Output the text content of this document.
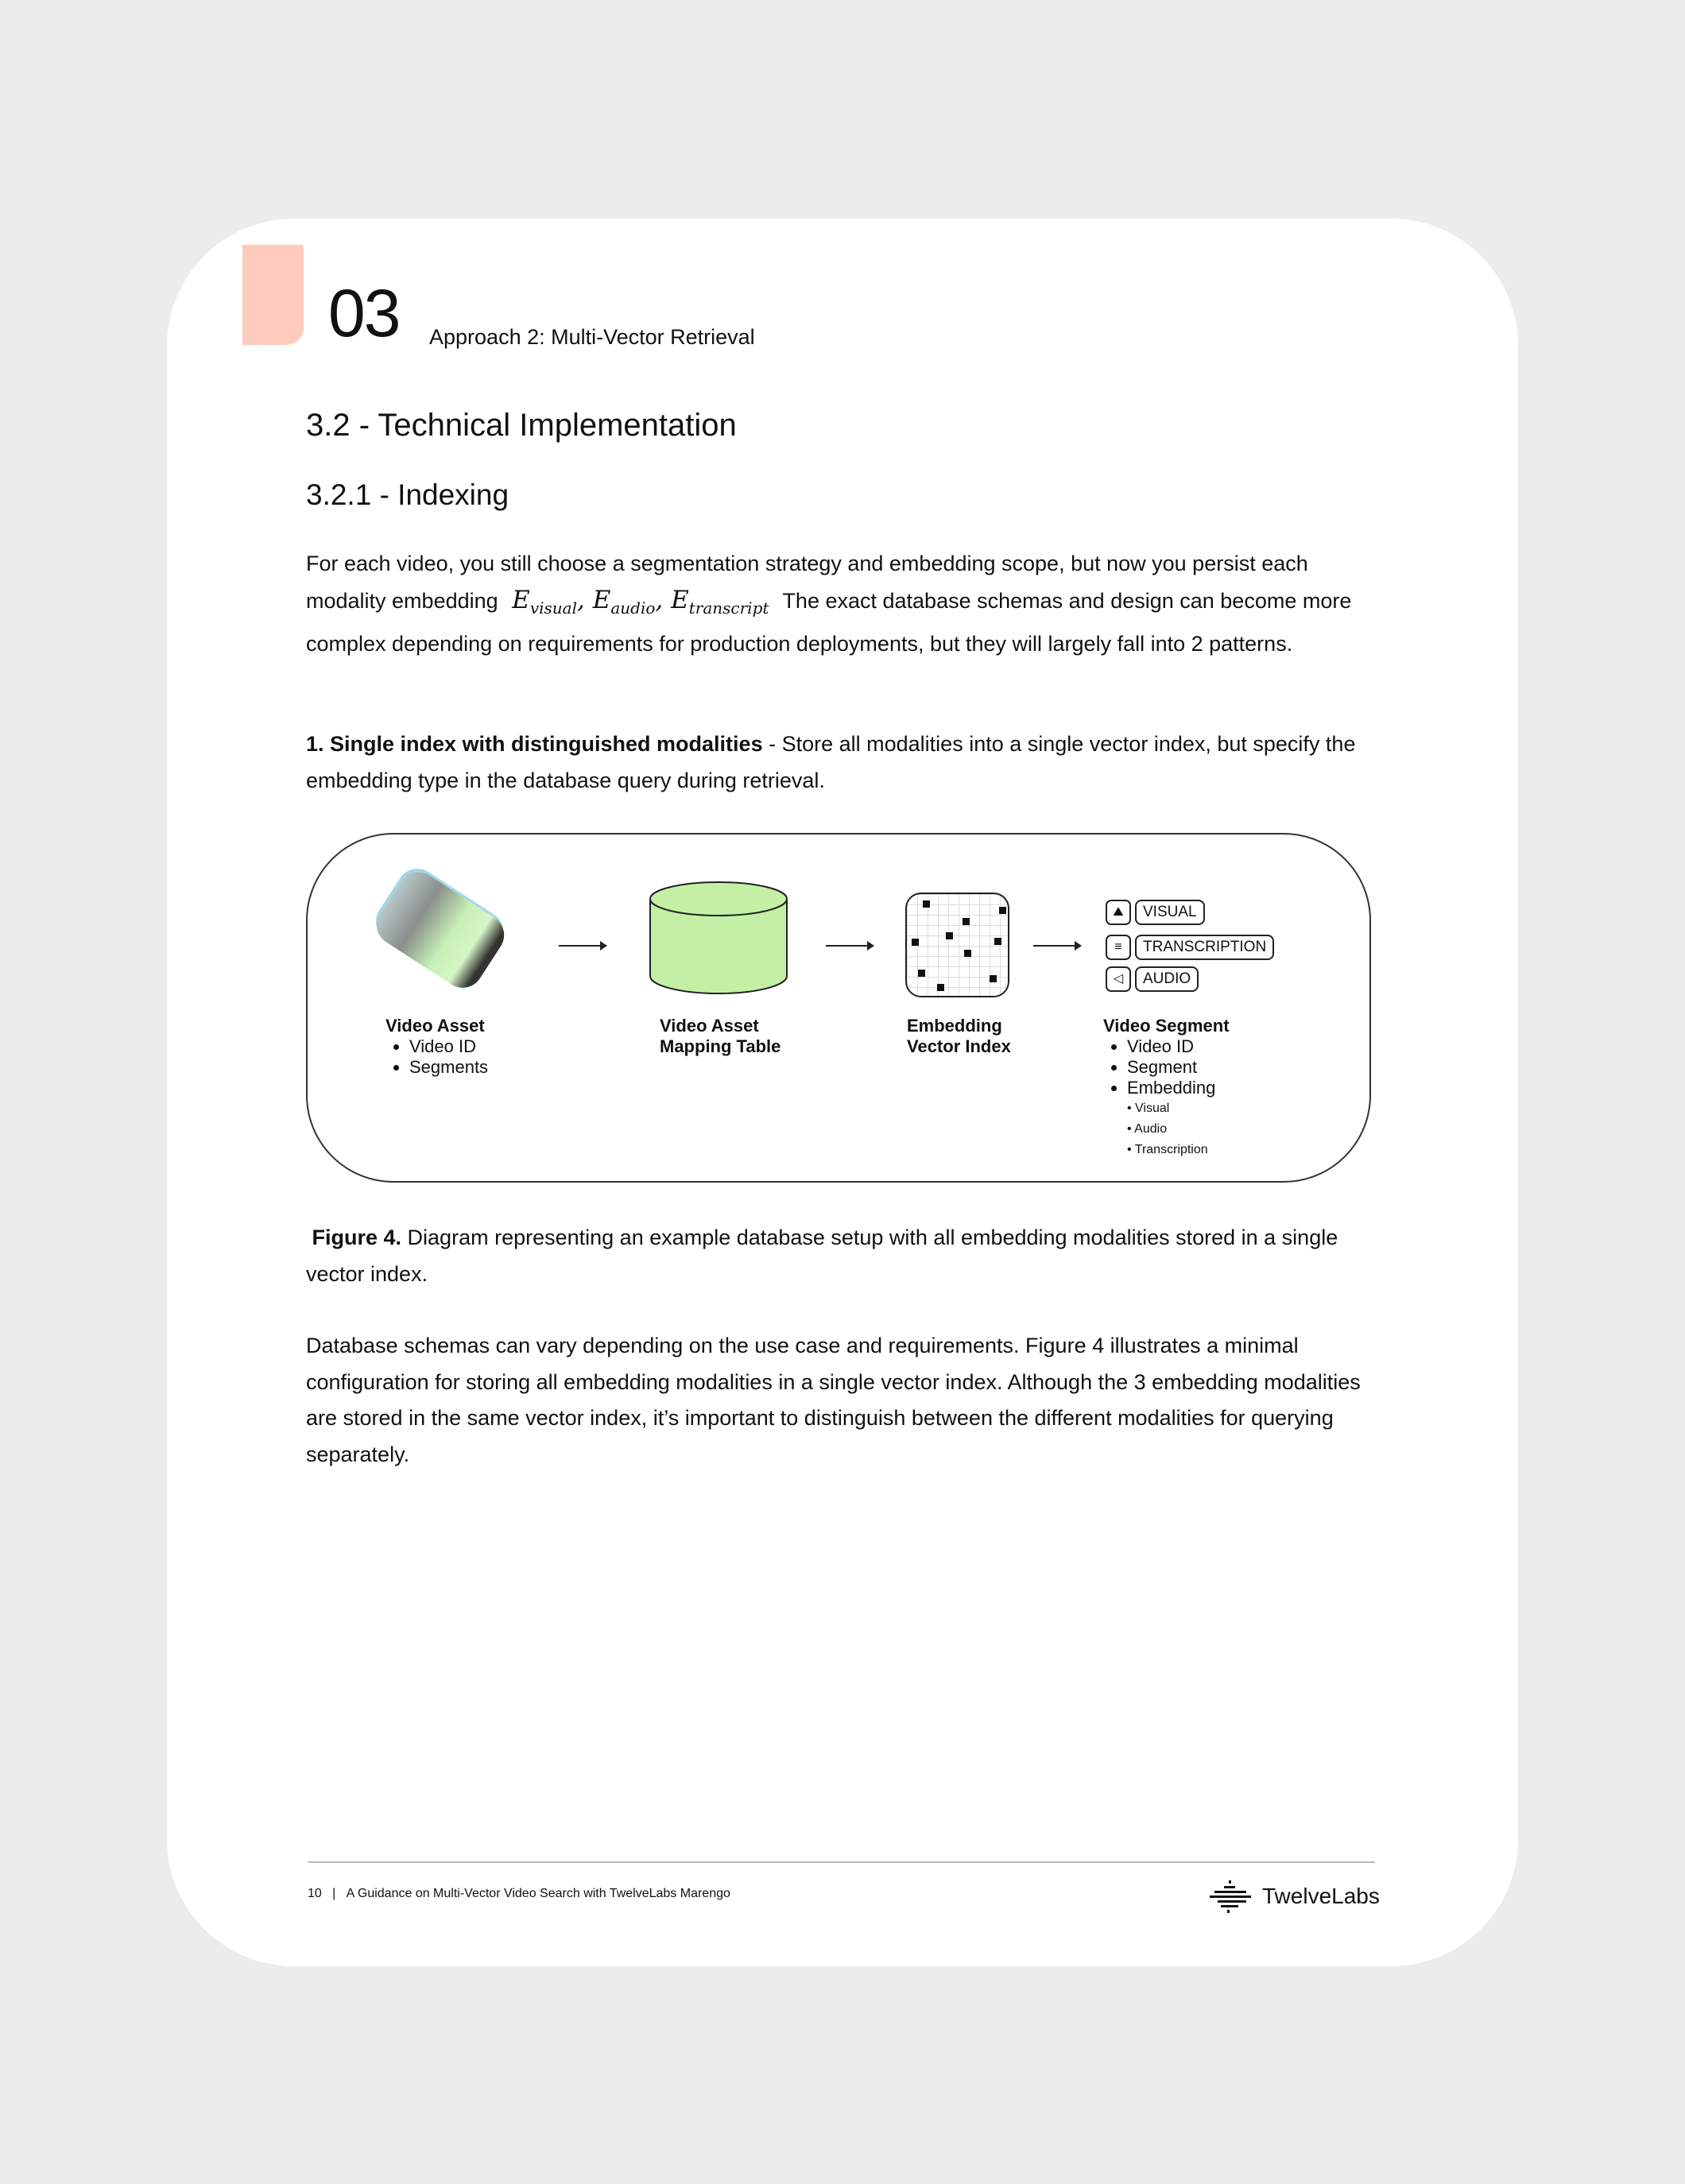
03 Approach 2: Multi-Vector Retrieval
3.2 - Technical Implementation
3.2.1 - Indexing
For each video, you still choose a segmentation strategy and embedding scope, but now you persist each modality embedding $E_{visual}$, $E_{audio}$, $E_{transcript}$ The exact database schemas and design can become more complex depending on requirements for production deployments, but they will largely fall into 2 patterns.
1. Single index with distinguished modalities - Store all modalities into a single vector index, but specify the embedding type in the database query during retrieval.
⛰	VISUAL
≡	TRANSCRIPTION
◁	AUDIO
Video Asset
• Video ID
• Segments
Video Asset
Mapping Table
Embedding
Vector Index
Video Segment
• Video ID
• Segment
• Embedding
• Visual
• Audio
• Transcription
Figure 4. Diagram representing an example database setup with all embedding modalities stored in a single vector index.
Database schemas can vary depending on the use case and requirements. Figure 4 illustrates a minimal configuration for storing all embedding modalities in a single vector index. Although the 3 embedding modalities are stored in the same vector index, it’s important to distinguish between the different modalities for querying separately.
10 | A Guidance on Multi-Vector Video Search with TwelveLabs Marengo	TwelveLabs
